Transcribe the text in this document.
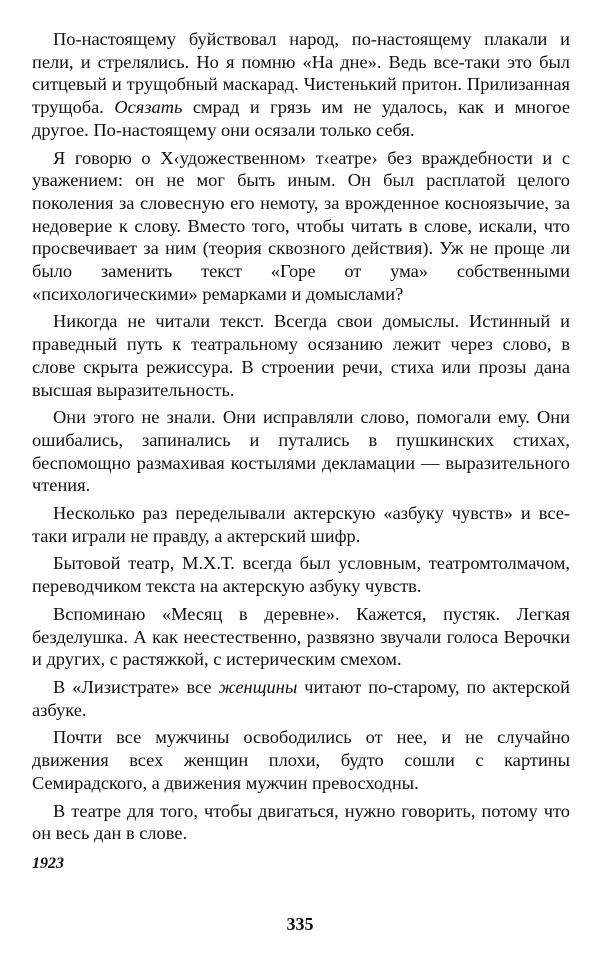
По-настоящему буйствовал народ, по-настоящему плакали и пели, и стрелялись. Но я помню «На дне». Ведь все-таки это был ситцевый и трущобный маскарад. Чистенький притон. Прилизанная трущоба. Осязать смрад и грязь им не удалось, как и многое другое. По-настоящему они осязали только себя.

Я говорю о Х‹удожественном› т‹еатре› без враждебности и с уважением: он не мог быть иным. Он был расплатой целого поколения за словесную его немоту, за врожденное косноязычие, за недоверие к слову. Вместо того, чтобы читать в слове, искали, что просвечивает за ним (теория сквозного действия). Уж не проще ли было заменить текст «Горе от ума» собственными «психологическими» ремарками и домыслами?

Никогда не читали текст. Всегда свои домыслы. Истинный и праведный путь к театральному осязанию лежит через слово, в слове скрыта режиссура. В строении речи, стиха или прозы дана высшая выразительность.

Они этого не знали. Они исправляли слово, помогали ему. Они ошибались, запинались и путались в пушкинских стихах, беспомощно размахивая костылями декламации — выразительного чтения.

Несколько раз переделывали актерскую «азбуку чувств» и все-таки играли не правду, а актерский шифр.

Бытовой театр, М.Х.Т. всегда был условным, театромтолмачом, переводчиком текста на актерскую азбуку чувств.

Вспоминаю «Месяц в деревне». Кажется, пустяк. Легкая безделушка. А как неестественно, развязно звучали голоса Верочки и других, с растяжкой, с истерическим смехом.

В «Лизистрате» все женщины читают по-старому, по актерской азбуке.

Почти все мужчины освободились от нее, и не случайно движения всех женщин плохи, будто сошли с картины Семирадского, а движения мужчин превосходны.

В театре для того, чтобы двигаться, нужно говорить, потому что он весь дан в слове.

1923
335
